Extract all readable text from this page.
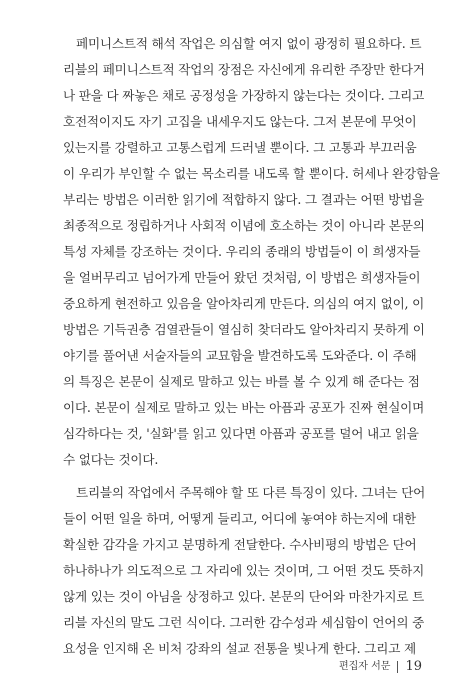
페미니스트적 해석 작업은 의심할 여지 없이 광정히 필요하다. 트
리블의 페미니스트적 작업의 장점은 자신에게 유리한 주장만 한다거
나 판을 다 짜놓은 채로 공정성을 가장하지 않는다는 것이다. 그리고
호전적이지도 자기 고집을 내세우지도 않는다. 그저 본문에 무엇이
있는지를 강렬하고 고통스럽게 드러낼 뿐이다. 그 고통과 부끄러움
이 우리가 부인할 수 없는 목소리를 내도록 할 뿐이다. 허세나 완강함을
부리는 방법은 이러한 읽기에 적합하지 않다. 그 결과는 어떤 방법을
최종적으로 정립하거나 사회적 이념에 호소하는 것이 아니라 본문의
특성 자체를 강조하는 것이다. 우리의 종래의 방법들이 이 희생자들
을 얼버무리고 넘어가게 만들어 왔던 것처럼, 이 방법은 희생자들이
중요하게 현전하고 있음을 알아차리게 만든다. 의심의 여지 없이, 이
방법은 기득권층 검열관들이 열심히 찾더라도 알아차리지 못하게 이
야기를 풀어낸 서술자들의 교묘함을 발견하도록 도와준다. 이 주해
의 특징은 본문이 실제로 말하고 있는 바를 볼 수 있게 해 준다는 점
이다. 본문이 실제로 말하고 있는 바는 아픔과 공포가 진짜 현실이며
심각하다는 것, '실화'를 읽고 있다면 아픔과 공포를 덜어 내고 읽을
수 없다는 것이다.
트리블의 작업에서 주목해야 할 또 다른 특징이 있다. 그녀는 단어
들이 어떤 일을 하며, 어떻게 들리고, 어디에 놓여야 하는지에 대한
확실한 감각을 가지고 분명하게 전달한다. 수사비평의 방법은 단어
하나하나가 의도적으로 그 자리에 있는 것이며, 그 어떤 것도 뜻하지
않게 있는 것이 아님을 상정하고 있다. 본문의 단어와 마찬가지로 트
리블 자신의 말도 그런 식이다. 그러한 감수성과 세심함이 언어의 중
요성을 인지해 온 비처 강좌의 설교 전통을 빛나게 한다. 그리고 제
편집자 서문 19
